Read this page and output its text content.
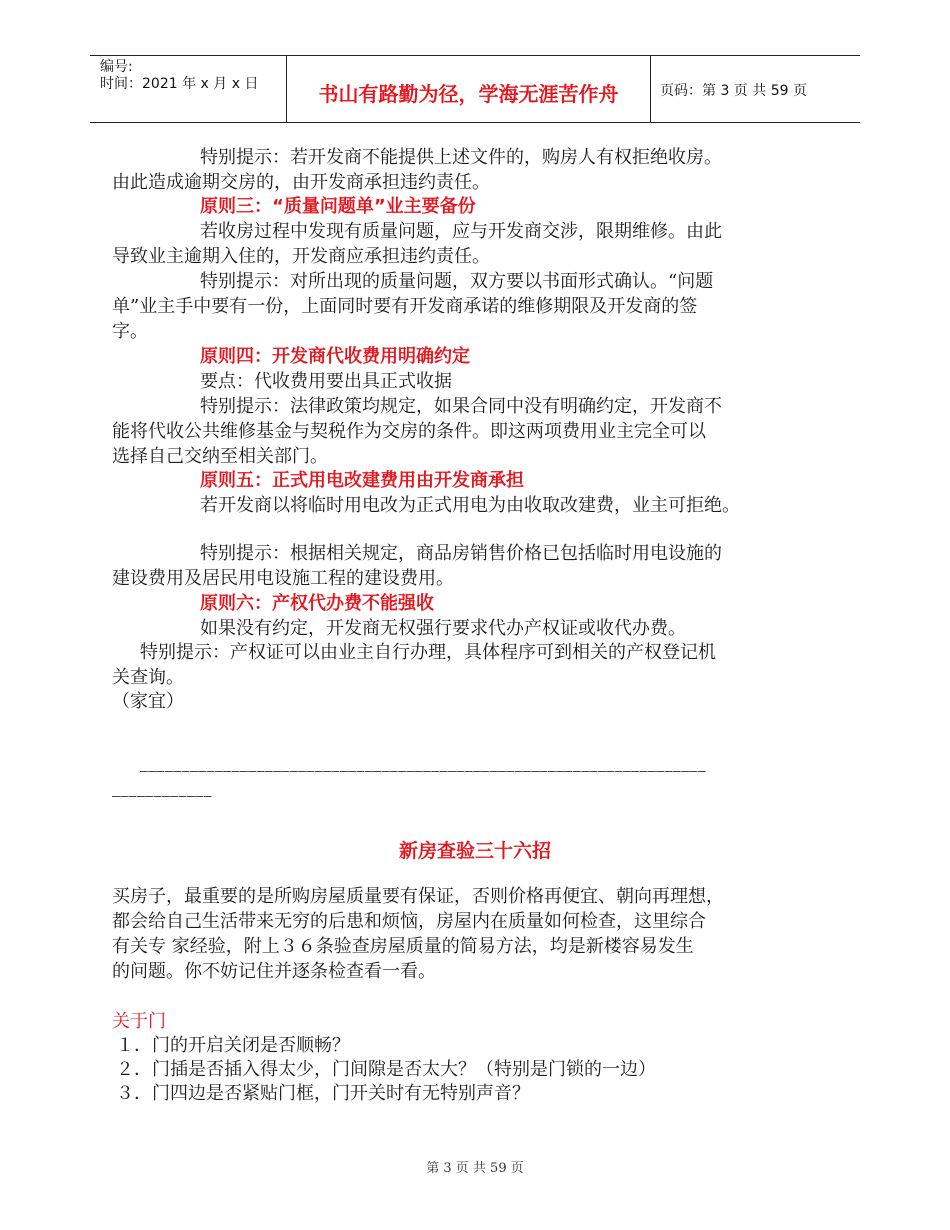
编号:
时间：2021 年 x 月 x 日	书山有路勤为径，学海无涯苦作舟	页码：第 3 页 共 59 页
特别提示：若开发商不能提供上述文件的，购房人有权拒绝收房。
由此造成逾期交房的，由开发商承担违约责任。
原则三：“质量问题单”业主要备份
若收房过程中发现有质量问题，应与开发商交涉，限期维修。由此
导致业主逾期入住的，开发商应承担违约责任。
特别提示：对所出现的质量问题，双方要以书面形式确认。“问题
单”业主手中要有一份，上面同时要有开发商承诺的维修期限及开发商的签
字。
原则四：开发商代收费用明确约定
要点：代收费用要出具正式收据
特别提示：法律政策均规定，如果合同中没有明确约定，开发商不
能将代收公共维修基金与契税作为交房的条件。即这两项费用业主完全可以
选择自己交纳至相关部门。
原则五：正式用电改建费用由开发商承担
若开发商以将临时用电改为正式用电为由收取改建费，业主可拒绝。
特别提示：根据相关规定，商品房销售价格已包括临时用电设施的
建设费用及居民用电设施工程的建设费用。
原则六：产权代办费不能强收
如果没有约定，开发商无权强行要求代办产权证或收代办费。
特别提示：产权证可以由业主自行办理，具体程序可到相关的产权登记机
关查询。
（家宜）
————————————————————————————————————————————————————————————————————
————————————
新房查验三十六招
买房子，最重要的是所购房屋质量要有保证，否则价格再便宜、朝向再理想，
都会给自己生活带来无穷的后患和烦恼，房屋内在质量如何检查，这里综合
有关专 家经验，附上３６条验查房屋质量的简易方法，均是新楼容易发生
的问题。你不妨记住并逐条检查看一看。
关于门
１．门的开启关闭是否顺畅？
２．门插是否插入得太少，门间隙是否太大？（特别是门锁的一边）
３．门四边是否紧贴门框，门开关时有无特别声音？
第 3 页 共 59 页
